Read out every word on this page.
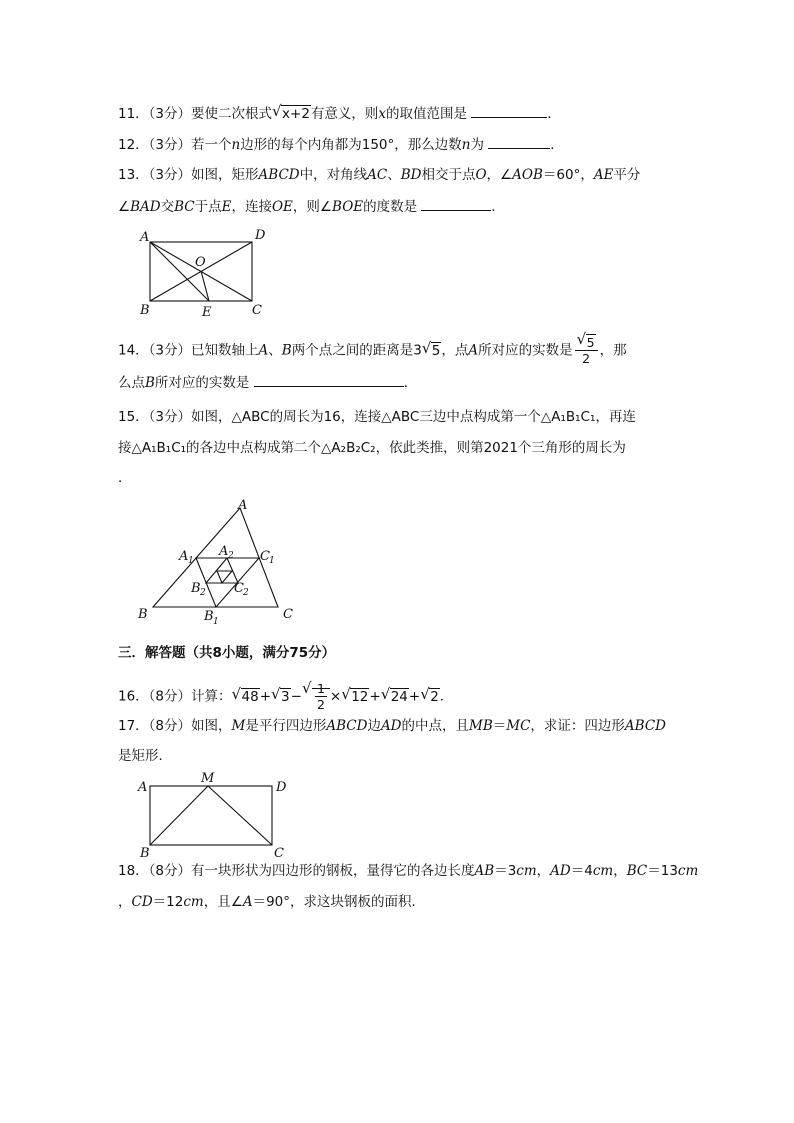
11．（3分）要使二次根式 √ x+2有意义，则x的取值范围是	．
12．（3分）若一个n边形的每个内角都为150°，那么边数n为	．
13．（3分）如图，矩形ABCD中，对角线AC、BD相交于点O，∠AOB＝60°，AE平分
∠BAD交BC于点E，连接OE，则∠BOE的度数是	．
A	D
O
B	E	C
14．（3分）已知数轴上A、B两个点之间的距离是3 √ 5，点A所对应的实数是 √ $\frac{5}{2}$ ，那
么点B所对应的实数是	．
15．（3分）如图，△ABC的周长为16，连接△ABC三边中点构成第一个△A₁B₁C₁，再连
接△A₁B₁C₁的各边中点构成第二个△A₂B₂C₂，依此类推，则第2021个三角形的周长为
．
A
B	C
A 1	C 1
B 1
A 2
B 2 C 2
三．解答题（共8小题，满分75分）
16．（8分）计算： √ 48+ √ 3− √ $\frac{1}{2}$ × √ 12+ √ 24+ √ 2．
17．（8分）如图，M是平行四边形ABCD边AD的中点，且MB＝MC，求证：四边形ABCD
是矩形．
A
M
D
B	C
18．（8分）有一块形状为四边形的钢板，量得它的各边长度AB＝3cm，AD＝4cm，BC＝13cm
，CD＝12cm，且∠A＝90°，求这块钢板的面积．
